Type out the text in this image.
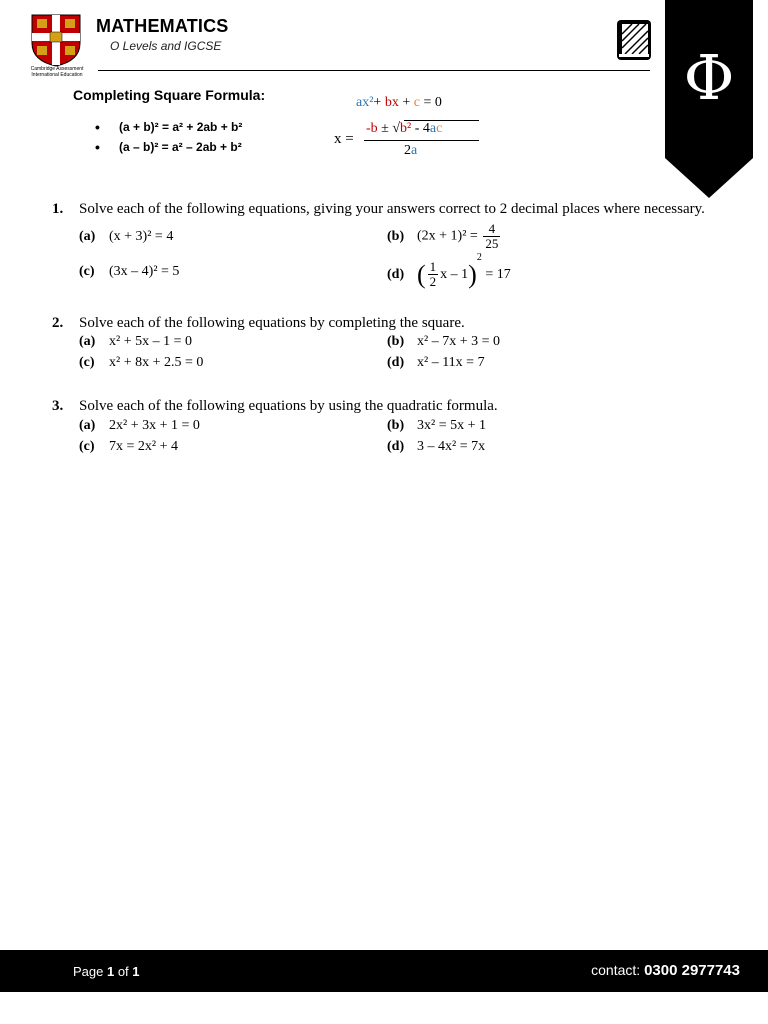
Cambridge Assessment
International Education
MATHEMATICS
O Levels and IGCSE	Φ
Completing Square Formula:
• (a + b)² = a² + 2ab + b²
• (a – b)² = a² – 2ab + b²
ax²+ bx + c = 0
x =
-b ± √b² - 4ac
2a
1. Solve each of the following equations, giving your answers correct to 2 decimal places where necessary.
(a) (x + 3)² = 4	(b) $(2x + 1)^2 = \frac{4}{25}$
(c) (3x – 4)² = 5	(d) ( $\frac{1}{2}$ x – 1)$^2$ = 17
2. Solve each of the following equations by completing the square.
(a) x² + 5x – 1 = 0	(b) x² – 7x + 3 = 0
(c) x² + 8x + 2.5 = 0	(d) x² – 11x = 7
3. Solve each of the following equations by using the quadratic formula.
(a) 2x² + 3x + 1 = 0	(b) 3x² = 5x + 1
(c) 7x = 2x² + 4	(d) 3 – 4x² = 7x
Page 1 of 1	contact: 0300 2977743
